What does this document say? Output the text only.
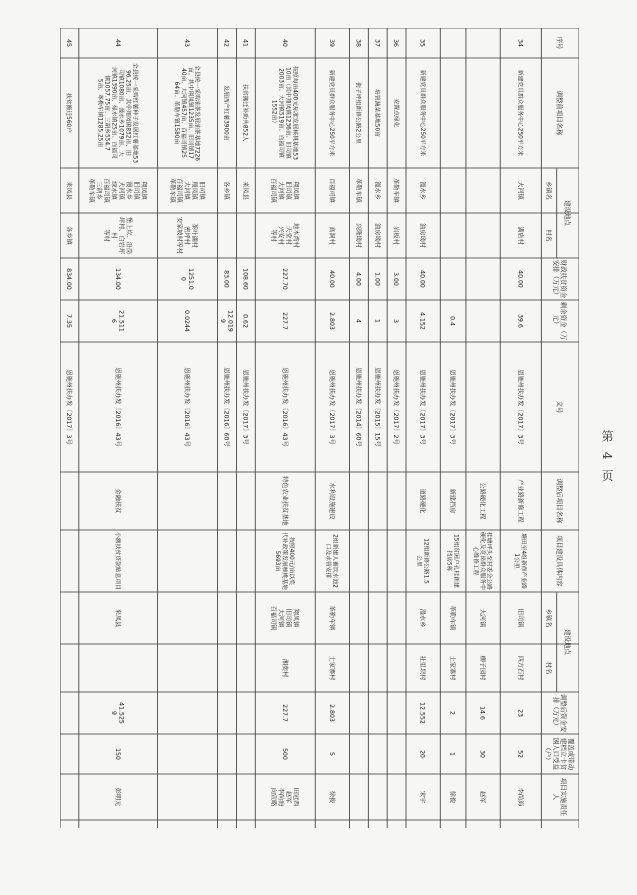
序号
调整前项目名称
财政扶贫资金安排（万元）
剩余资金（万元）
文号
调整后项目名称
项目建设具体内容
调整后资金安排（万元）
覆盖或带动建档立卡贫困人口受益（户）
项目实施责任人
建设地点
乡镇名
村名
建设地点
乡镇名
村名
34
新建党员群众服务中心250平方米
大河镇
满店村
40.00
39.6
恩施州扶办发〔2017〕3号
产业路新修工程
塘田至4组新修产业路1公里
旧司镇
四方石村
23
52
李尚海
公路硬化工程
桂塘坪头至村委会公路硬化及竞岗群众服务中心维修工程
大河镇
柳子园村
14.6
30
赵军
0.4
恩施州扶办发〔2017〕3号
新建挡房
15组贫困户孔桂新建挡房5栋
革勒车镇
土家寨村
2
1
徐俊
35
新建党员群众服务中心250平方米
漫水乡
油房坳村
40.00
4.152
恩施州扶办发〔2017〕3号
道路硬化
12组新修公路1.5公里
漫水乡
社里坝村
12.552
20
宋宇
36
安置点绿化
革勒车镇
岩板村
3.00
3
恩施州扶办发〔2017〕2号
37
培管蔬菜基地50亩
漫水乡
油房坳村
1.00
1
恩施州扶办发〔2015〕15号
38
街子坪组新修公路2公里
革勒车镇
兴隆坳村
4.00
4
恩施州扶办发〔2014〕60号
39
新建党员群众服务中心250平方米
百福司镇
高洞村
40.00
2.803
恩施州扶办发〔2017〕3号
水利设施建设
2组新建人畜饮水池2口及水管安排
革勒车镇
土家寨村
2.803
5
徐俊
40
按照每亩400元标准发展核桃基地5310亩（其中翔凤镇1236亩、旧司镇2003亩、大河镇519亩、百福司镇1552亩）
翔凤镇旧司镇大河镇百福司镇
地木湾村天堂村兴安村等村
227.70
227.7
恩施州扶办发〔2016〕43号
特色农业扶贫基地
按照400元/亩以奖代补政策发展核桃基地5693亩
翔凤镇旧司镇大河镇百福司镇
湘奕村
227.7
500
田冠西赵军李尚海向宣略
41
扶贫搬迁补助共852人
来凤县
108.60
0.62
恩施州扶办发〔2017〕3号
42
发展西产红薯3900亩
各乡镇
83.00
12.0199
恩施州扶办发〔2016〕60号
43
全县统一采购油茶发展油茶基地7226亩，其中翔凤镇1235亩、旧司镇1740亩、大河镇457亩、百福司镇2564亩、革勒车镇1580亩
旧司镇翔凤镇大河镇百福司镇革勒车镇
茶叶湖村密坪村安家坡村等村
1251.00
0.0244
恩施州扶办发〔2016〕43号
44
全县统一采购红薯种子发展红薯基地5396.25亩，其中翔凤镇832亩、旧司镇1080亩、漫水乡1079亩、大河镇1390亩、绿水镇25亩、百福司镇1057.75亩、三胡乡554.75亩、革勒车镇1285.25亩
翔凤镇旧司镇漫水乡大河镇绿水镇百福司镇三胡乡革勒车镇
堡上坎、沿岗坪村、白岩坪村等村
134.00
21.5116
恩施州扶办发〔2016〕43号
金融扶贫
小额扶贫贷款贴息项目
来凤县
41.5259
150
彭明元
45
扶贫搬迁560户
来凤县
各乡镇
834.00
7.35
恩施州扶办发〔2017〕3号
第 4 页
